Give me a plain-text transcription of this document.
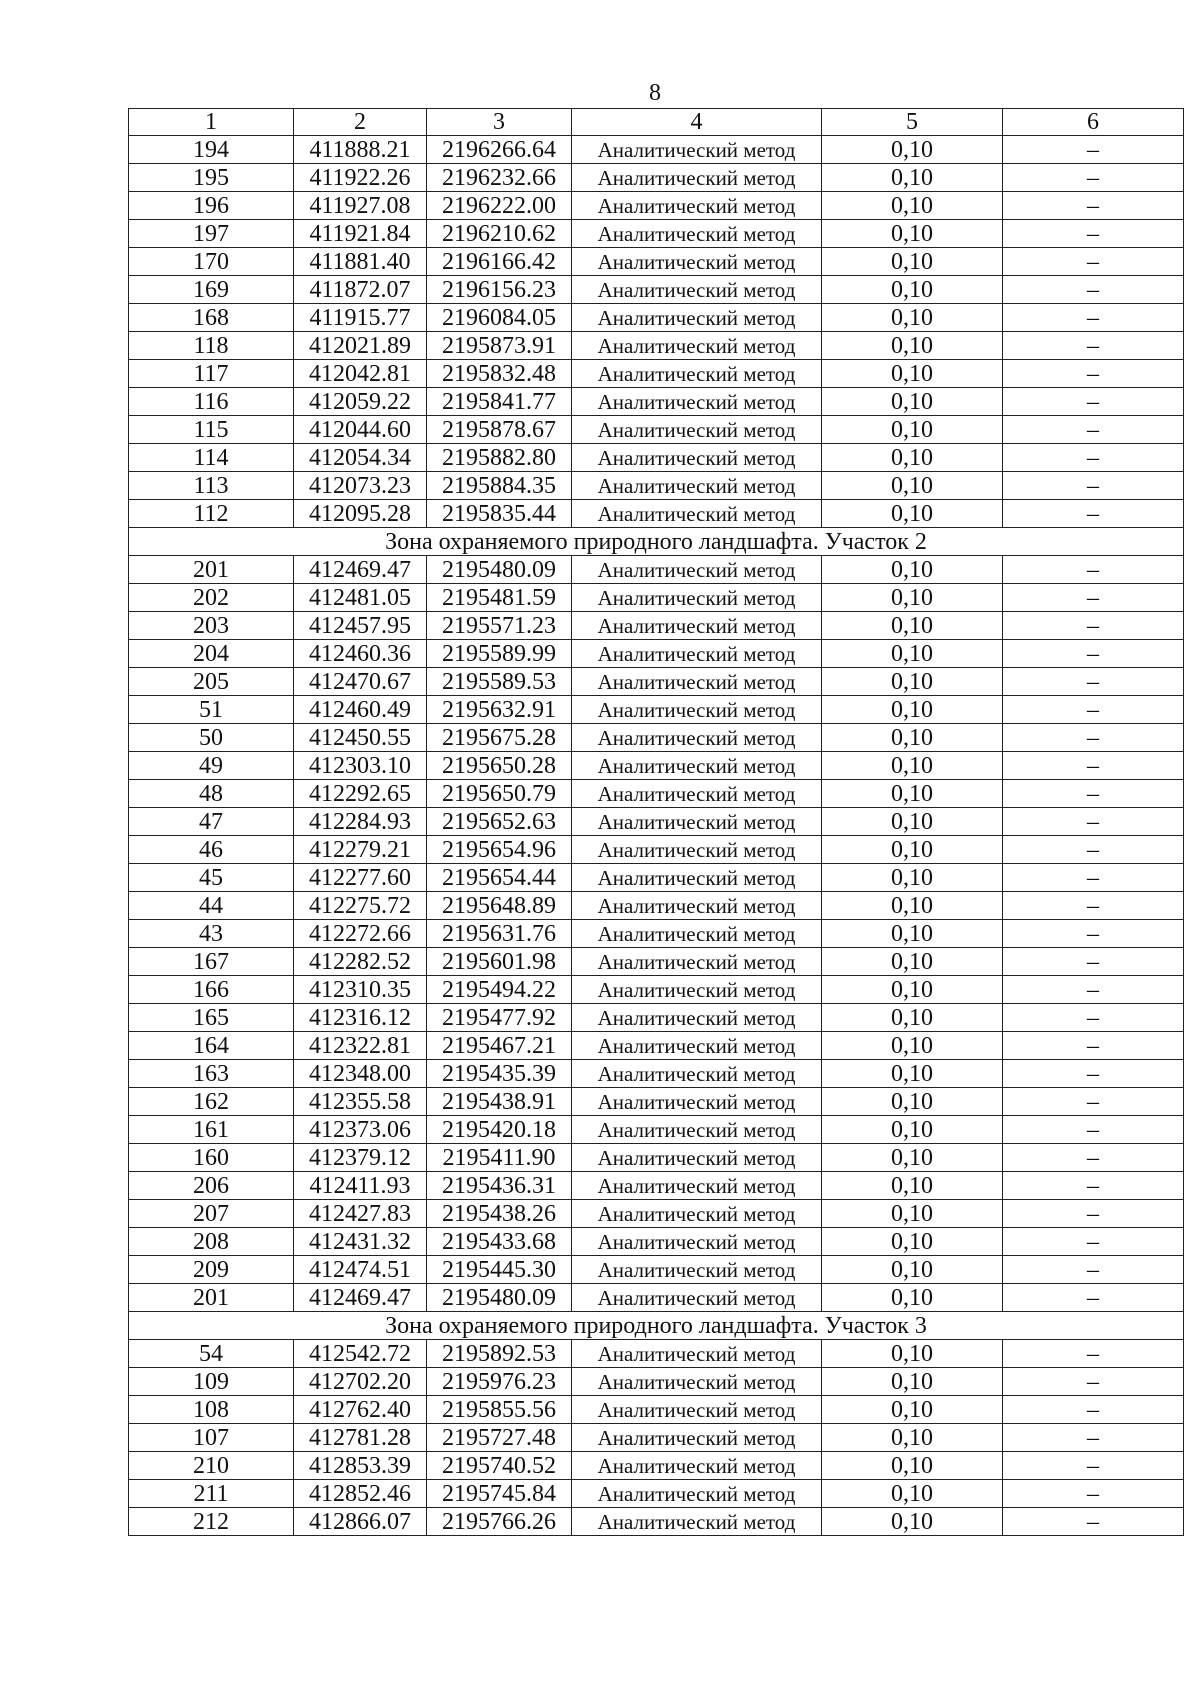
8
1	2	3	4	5	6
194	411888.21	2196266.64	Аналитический метод	0,10	–
195	411922.26	2196232.66	Аналитический метод	0,10	–
196	411927.08	2196222.00	Аналитический метод	0,10	–
197	411921.84	2196210.62	Аналитический метод	0,10	–
170	411881.40	2196166.42	Аналитический метод	0,10	–
169	411872.07	2196156.23	Аналитический метод	0,10	–
168	411915.77	2196084.05	Аналитический метод	0,10	–
118	412021.89	2195873.91	Аналитический метод	0,10	–
117	412042.81	2195832.48	Аналитический метод	0,10	–
116	412059.22	2195841.77	Аналитический метод	0,10	–
115	412044.60	2195878.67	Аналитический метод	0,10	–
114	412054.34	2195882.80	Аналитический метод	0,10	–
113	412073.23	2195884.35	Аналитический метод	0,10	–
112	412095.28	2195835.44	Аналитический метод	0,10	–
Зона охраняемого природного ландшафта. Участок 2					
201	412469.47	2195480.09	Аналитический метод	0,10	–
202	412481.05	2195481.59	Аналитический метод	0,10	–
203	412457.95	2195571.23	Аналитический метод	0,10	–
204	412460.36	2195589.99	Аналитический метод	0,10	–
205	412470.67	2195589.53	Аналитический метод	0,10	–
51	412460.49	2195632.91	Аналитический метод	0,10	–
50	412450.55	2195675.28	Аналитический метод	0,10	–
49	412303.10	2195650.28	Аналитический метод	0,10	–
48	412292.65	2195650.79	Аналитический метод	0,10	–
47	412284.93	2195652.63	Аналитический метод	0,10	–
46	412279.21	2195654.96	Аналитический метод	0,10	–
45	412277.60	2195654.44	Аналитический метод	0,10	–
44	412275.72	2195648.89	Аналитический метод	0,10	–
43	412272.66	2195631.76	Аналитический метод	0,10	–
167	412282.52	2195601.98	Аналитический метод	0,10	–
166	412310.35	2195494.22	Аналитический метод	0,10	–
165	412316.12	2195477.92	Аналитический метод	0,10	–
164	412322.81	2195467.21	Аналитический метод	0,10	–
163	412348.00	2195435.39	Аналитический метод	0,10	–
162	412355.58	2195438.91	Аналитический метод	0,10	–
161	412373.06	2195420.18	Аналитический метод	0,10	–
160	412379.12	2195411.90	Аналитический метод	0,10	–
206	412411.93	2195436.31	Аналитический метод	0,10	–
207	412427.83	2195438.26	Аналитический метод	0,10	–
208	412431.32	2195433.68	Аналитический метод	0,10	–
209	412474.51	2195445.30	Аналитический метод	0,10	–
201	412469.47	2195480.09	Аналитический метод	0,10	–
Зона охраняемого природного ландшафта. Участок 3					
54	412542.72	2195892.53	Аналитический метод	0,10	–
109	412702.20	2195976.23	Аналитический метод	0,10	–
108	412762.40	2195855.56	Аналитический метод	0,10	–
107	412781.28	2195727.48	Аналитический метод	0,10	–
210	412853.39	2195740.52	Аналитический метод	0,10	–
211	412852.46	2195745.84	Аналитический метод	0,10	–
212	412866.07	2195766.26	Аналитический метод	0,10	–
